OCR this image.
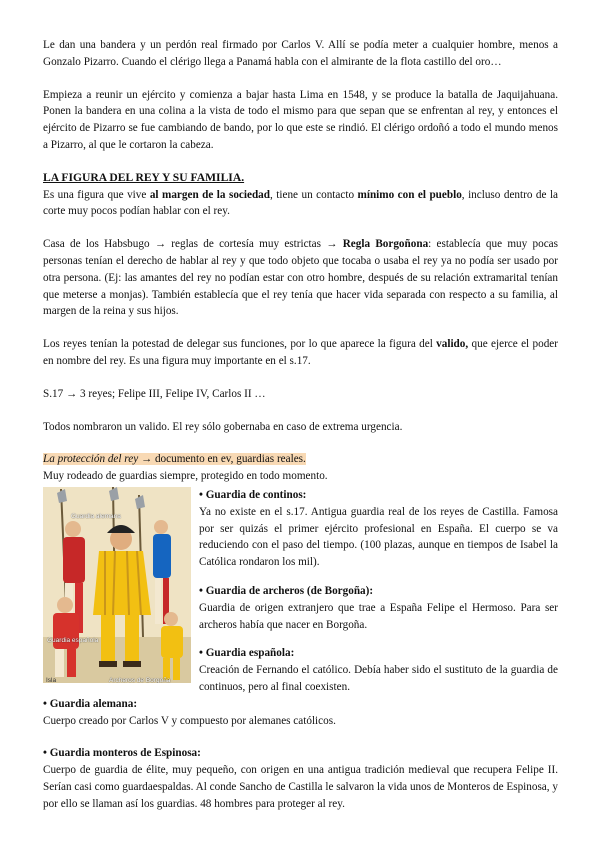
Le dan una bandera y un perdón real firmado por Carlos V. Allí se podía meter a cualquier hombre, menos a Gonzalo Pizarro. Cuando el clérigo llega a Panamá habla con el almirante de la flota castillo del oro…

Empieza a reunir un ejército y comienza a bajar hasta Lima en 1548, y se produce la batalla de Jaquijahuana. Ponen la bandera en una colina a la vista de todo el mismo para que sepan que se enfrentan al rey, y entonces el ejército de Pizarro se fue cambiando de bando, por lo que este se rindió. El clérigo ordoñó a todo el mundo menos a Pizarro, al que le cortaron la cabeza.

LA FIGURA DEL REY Y SU FAMILIA.

Es una figura que vive al margen de la sociedad, tiene un contacto mínimo con el pueblo, incluso dentro de la corte muy pocos podían hablar con el rey.

Casa de los Habsbugo → reglas de cortesía muy estrictas → Regla Borgoñona: establecía que muy pocas personas tenían el derecho de hablar al rey y que todo objeto que tocaba o usaba el rey ya no podía ser usado por otra persona. (Ej: las amantes del rey no podían estar con otro hombre, después de su relación extramarital tenían que meterse a monjas). También establecía que el rey tenía que hacer vida separada con respecto a su familia, al margen de la reina y sus hijos.

Los reyes tenían la potestad de delegar sus funciones, por lo que aparece la figura del valido, que ejerce el poder en nombre del rey. Es una figura muy importante en el s.17.

S.17 → 3 reyes; Felipe III, Felipe IV, Carlos II …

Todos nombraron un valido. El rey sólo gobernaba en caso de extrema urgencia.

La protección del rey → documento en ev, guardias reales.

Muy rodeado de guardias siempre, protegido en todo momento.

Guardia alemana
Guardia española
Archeros de Borgoña
Isla

• Guardia de continos:

Ya no existe en el s.17. Antigua guardia real de los reyes de Castilla. Famosa por ser quizás el primer ejército profesional en España. El cuerpo se va reduciendo con el paso del tiempo. (100 plazas, aunque en tiempos de Isabel la Católica rondaron los mil).

• Guardia de archeros (de Borgoña):

Guardia de origen extranjero que trae a España Felipe el Hermoso. Para ser archeros había que nacer en Borgoña.

• Guardia española:

Creación de Fernando el católico. Debía haber sido el sustituto de la guardia de continuos, pero al final coexisten.

• Guardia alemana:

Cuerpo creado por Carlos V y compuesto por alemanes católicos.

• Guardia monteros de Espinosa:

Cuerpo de guardia de élite, muy pequeño, con origen en una antigua tradición medieval que recupera Felipe II. Serían casi como guardaespaldas. Al conde Sancho de Castilla le salvaron la vida unos de Monteros de Espinosa, y por ello se llaman así los guardias. 48 hombres para proteger al rey.
